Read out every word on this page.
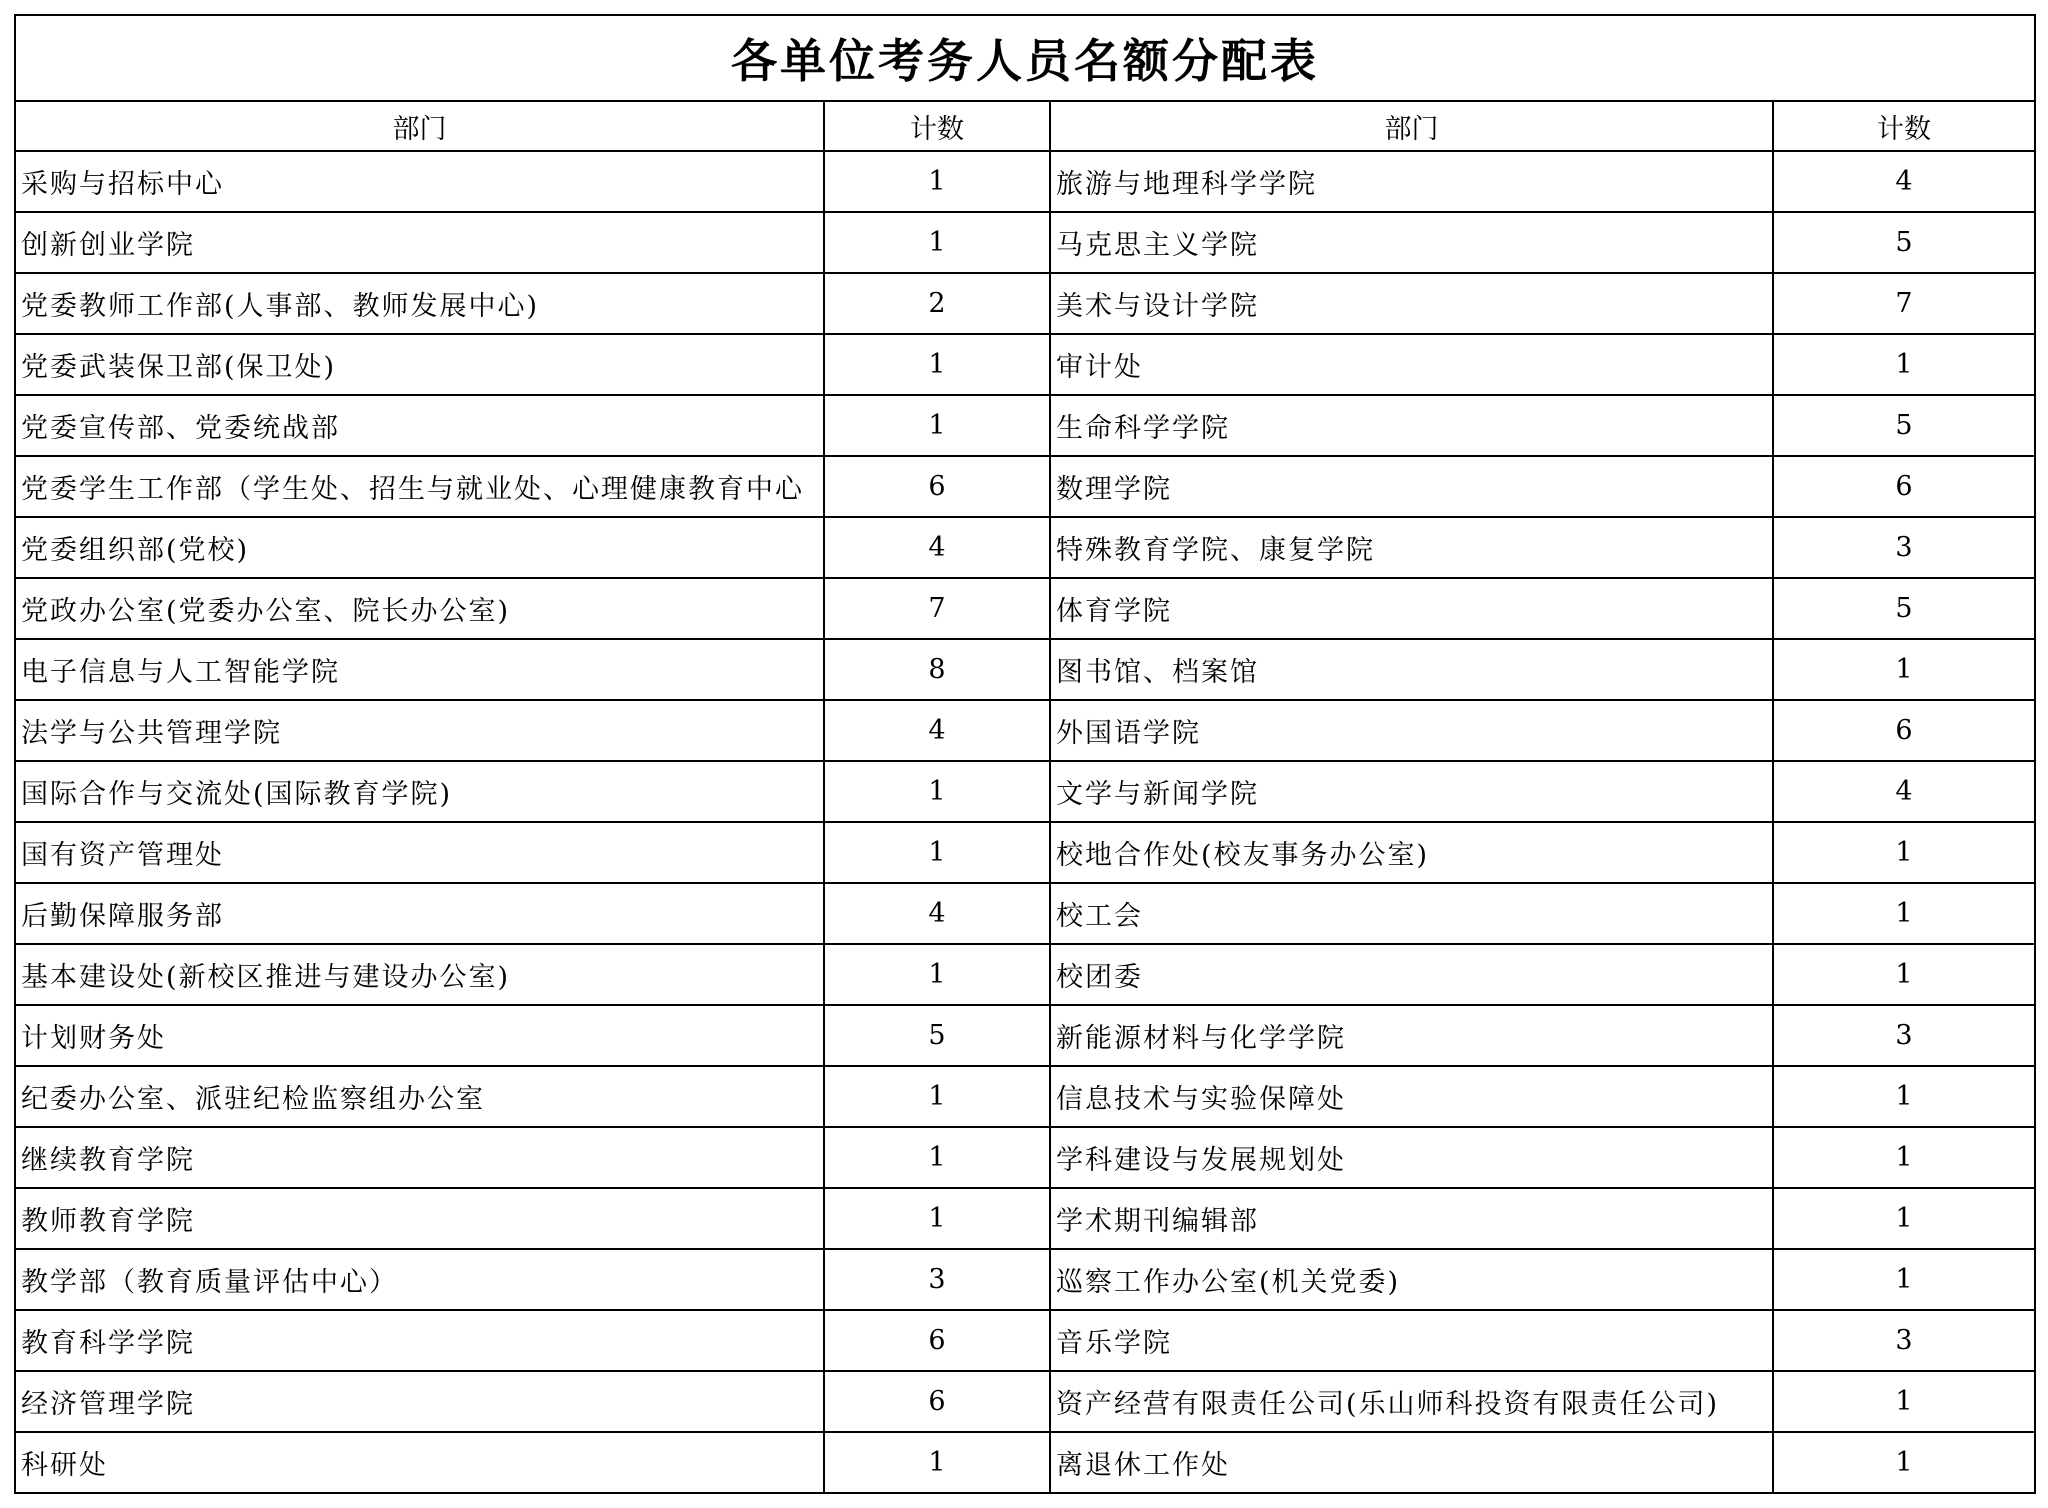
各单位考务人员名额分配表			
部门	计数	部门	计数
采购与招标中心	1	旅游与地理科学学院	4
创新创业学院	1	马克思主义学院	5
党委教师工作部(人事部、教师发展中心)	2	美术与设计学院	7
党委武装保卫部(保卫处)	1	审计处	1
党委宣传部、党委统战部	1	生命科学学院	5
党委学生工作部（学生处、招生与就业处、心理健康教育中心	6	数理学院	6
党委组织部(党校)	4	特殊教育学院、康复学院	3
党政办公室(党委办公室、院长办公室)	7	体育学院	5
电子信息与人工智能学院	8	图书馆、档案馆	1
法学与公共管理学院	4	外国语学院	6
国际合作与交流处(国际教育学院)	1	文学与新闻学院	4
国有资产管理处	1	校地合作处(校友事务办公室)	1
后勤保障服务部	4	校工会	1
基本建设处(新校区推进与建设办公室)	1	校团委	1
计划财务处	5	新能源材料与化学学院	3
纪委办公室、派驻纪检监察组办公室	1	信息技术与实验保障处	1
继续教育学院	1	学科建设与发展规划处	1
教师教育学院	1	学术期刊编辑部	1
教学部（教育质量评估中心）	3	巡察工作办公室(机关党委)	1
教育科学学院	6	音乐学院	3
经济管理学院	6	资产经营有限责任公司(乐山师科投资有限责任公司)	1
科研处	1	离退休工作处	1
